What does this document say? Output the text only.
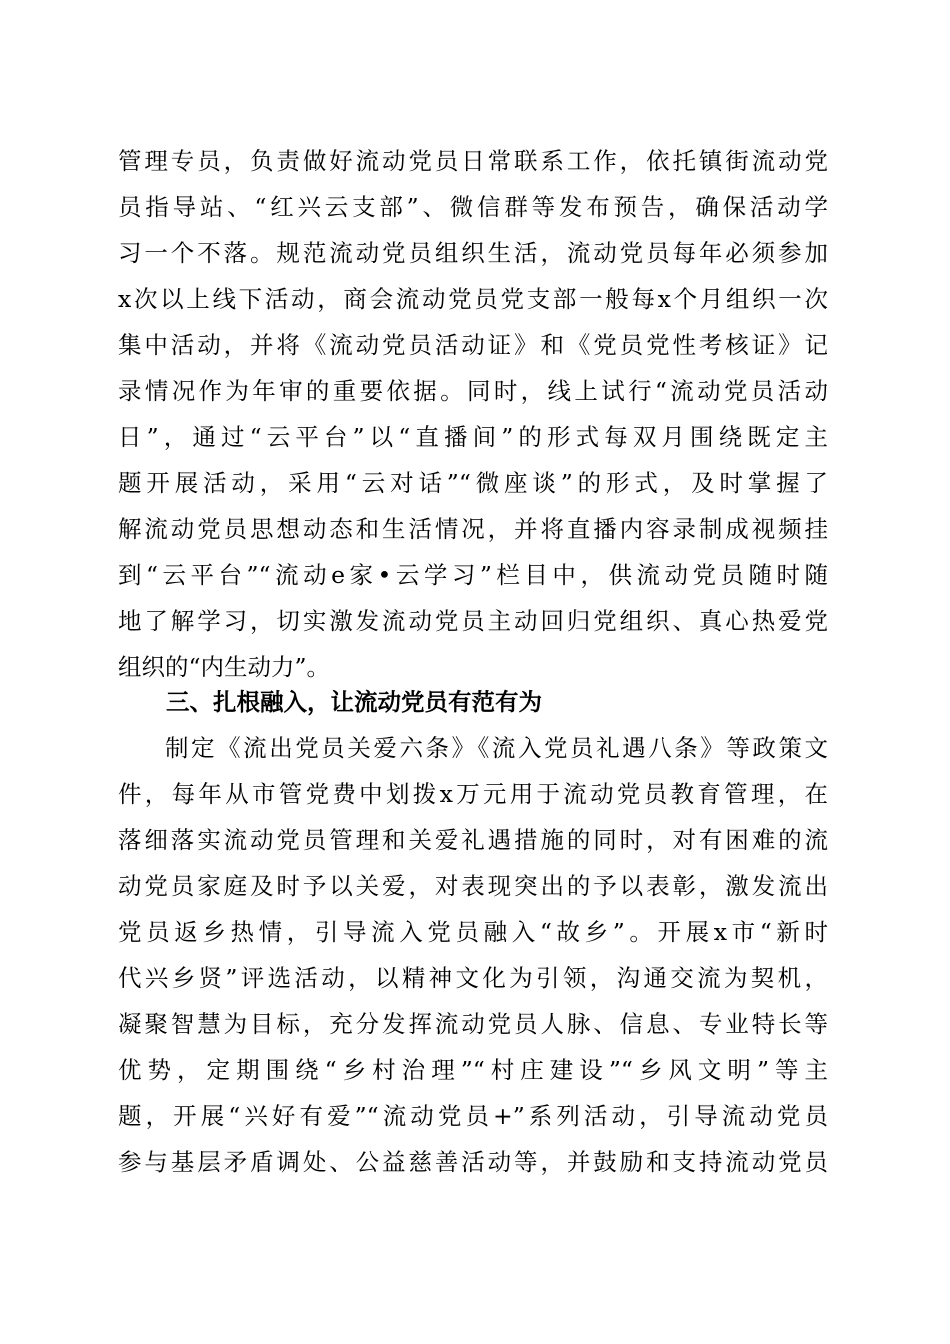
管理专员，负责做好流动党员日常联系工作，依托镇街流动党
员指导站、“红兴云支部”、微信群等发布预告，确保活动学
习一个不落。规范流动党员组织生活，流动党员每年必须参加
x次以上线下活动，商会流动党员党支部一般每x个月组织一次
集中活动，并将《流动党员活动证》和《党员党性考核证》记
录情况作为年审的重要依据。同时，线上试行“流动党员活动
日”，通过“云平台”以“直播间”的形式每双月围绕既定主
题开展活动，采用“云对话”“微座谈”的形式，及时掌握了
解流动党员思想动态和生活情况，并将直播内容录制成视频挂
到“云平台”“流动e家•云学习”栏目中，供流动党员随时随
地了解学习，切实激发流动党员主动回归党组织、真心热爱党
组织的“内生动力”。
三、扎根融入，让流动党员有范有为
制定《流出党员关爱六条》《流入党员礼遇八条》等政策文
件，每年从市管党费中划拨x万元用于流动党员教育管理，在
落细落实流动党员管理和关爱礼遇措施的同时，对有困难的流
动党员家庭及时予以关爱，对表现突出的予以表彰，激发流出
党员返乡热情，引导流入党员融入“故乡”。开展x市“新时
代兴乡贤”评选活动，以精神文化为引领，沟通交流为契机，
凝聚智慧为目标，充分发挥流动党员人脉、信息、专业特长等
优势，定期围绕“乡村治理”“村庄建设”“乡风文明”等主
题，开展“兴好有爱”“流动党员+”系列活动，引导流动党员
参与基层矛盾调处、公益慈善活动等，并鼓励和支持流动党员
